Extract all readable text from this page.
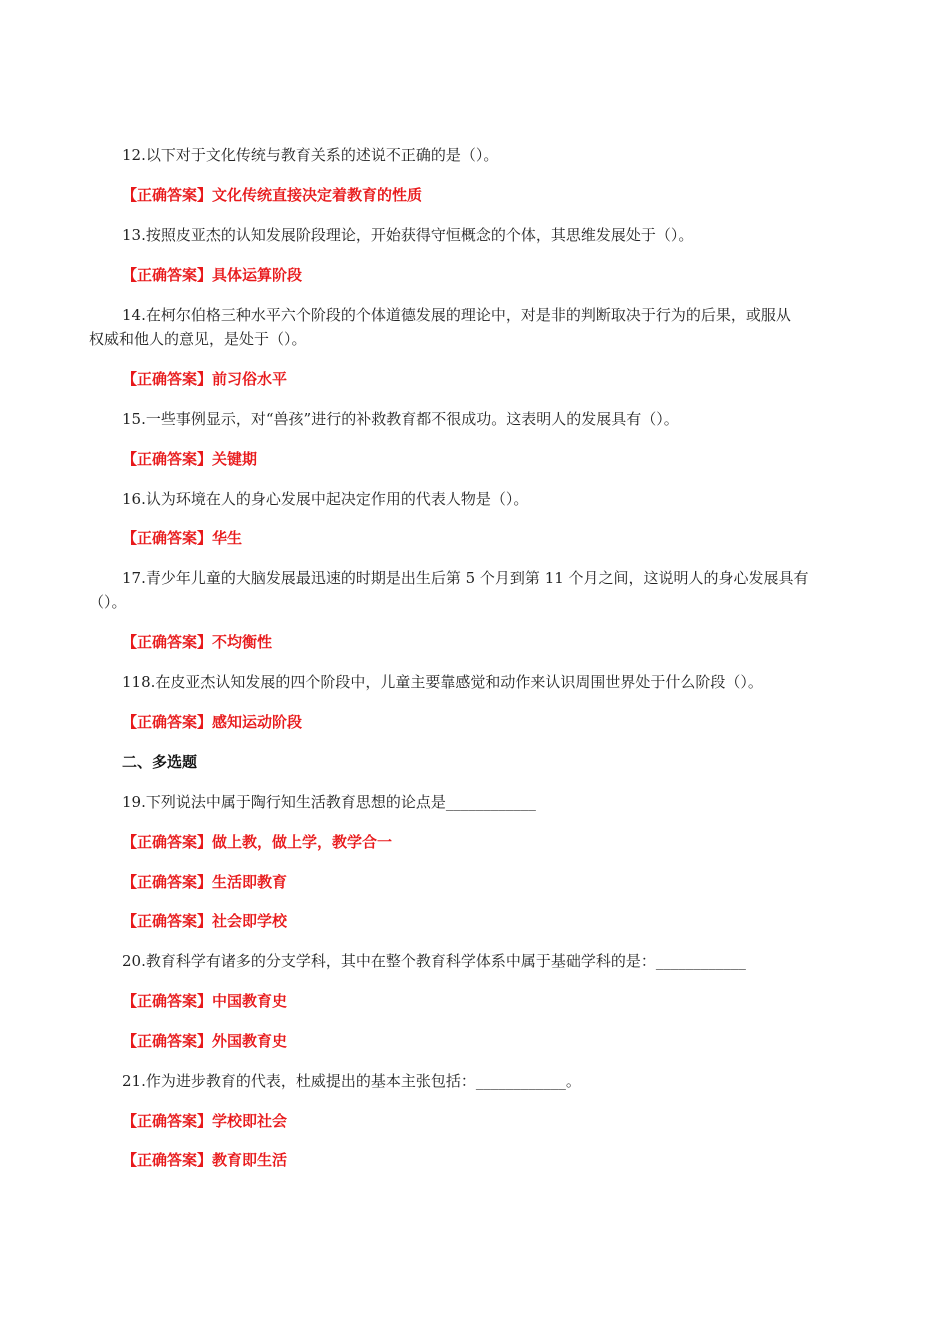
12.以下对于文化传统与教育关系的述说不正确的是（）。
【正确答案】文化传统直接决定着教育的性质
13.按照皮亚杰的认知发展阶段理论，开始获得守恒概念的个体，其思维发展处于（）。
【正确答案】具体运算阶段
14.在柯尔伯格三种水平六个阶段的个体道德发展的理论中，对是非的判断取决于行为的后果，或服从
权威和他人的意见，是处于（）。
【正确答案】前习俗水平
15.一些事例显示，对“兽孩”进行的补救教育都不很成功。这表明人的发展具有（）。
【正确答案】关键期
16.认为环境在人的身心发展中起决定作用的代表人物是（）。
【正确答案】华生
17.青少年儿童的大脑发展最迅速的时期是出生后第 5 个月到第 11 个月之间，这说明人的身心发展具有
（）。
【正确答案】不均衡性
118.在皮亚杰认知发展的四个阶段中，儿童主要靠感觉和动作来认识周围世界处于什么阶段（）。
【正确答案】感知运动阶段
二、多选题
19.下列说法中属于陶行知生活教育思想的论点是____________
【正确答案】做上教，做上学，教学合一
【正确答案】生活即教育
【正确答案】社会即学校
20.教育科学有诸多的分支学科，其中在整个教育科学体系中属于基础学科的是：____________
【正确答案】中国教育史
【正确答案】外国教育史
21.作为进步教育的代表，杜威提出的基本主张包括：____________。
【正确答案】学校即社会
【正确答案】教育即生活
